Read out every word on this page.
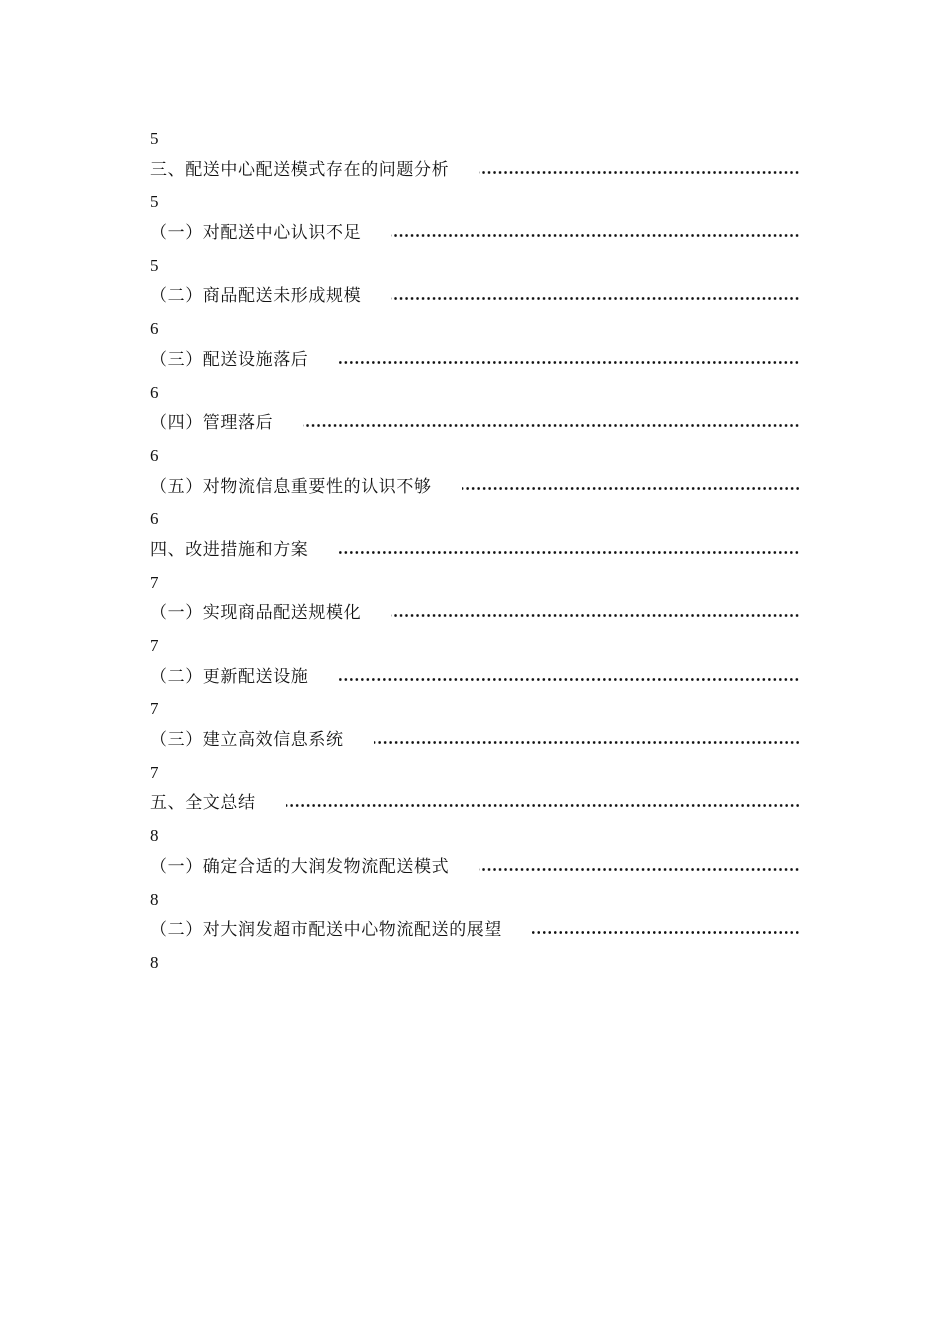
5
三、配送中心配送模式存在的问题分析
5
（一）对配送中心认识不足
5
（二）商品配送未形成规模
6
（三）配送设施落后
6
（四）管理落后
6
（五）对物流信息重要性的认识不够
6
四、改进措施和方案
7
（一）实现商品配送规模化
7
（二）更新配送设施
7
（三）建立高效信息系统
7
五、全文总结
8
（一）确定合适的大润发物流配送模式
8
（二）对大润发超市配送中心物流配送的展望
8
